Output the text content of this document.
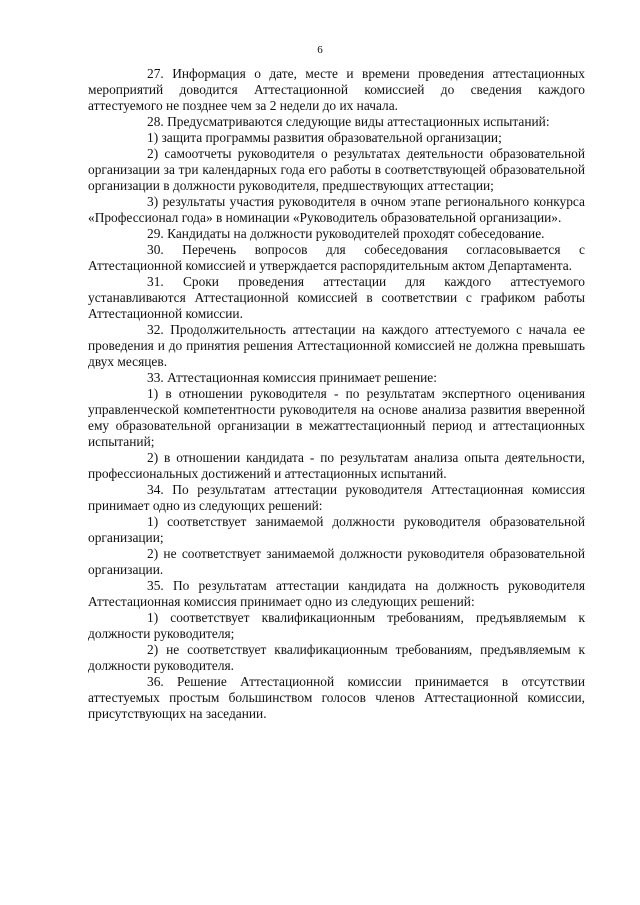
6

27. Информация о дате, месте и времени проведения аттестационных мероприятий доводится Аттестационной комиссией до сведения каждого аттестуемого не позднее чем за 2 недели до их начала.

28. Предусматриваются следующие виды аттестационных испытаний:

1) защита программы развития образовательной организации;

2) самоотчеты руководителя о результатах деятельности образовательной организации за три календарных года его работы в соответствующей образовательной организации в должности руководителя, предшествующих аттестации;

3) результаты участия руководителя в очном этапе регионального конкурса «Профессионал года» в номинации «Руководитель образовательной организации».

29. Кандидаты на должности руководителей проходят собеседование.

30. Перечень вопросов для собеседования согласовывается с Аттестационной комиссией и утверждается распорядительным актом Департамента.

31. Сроки проведения аттестации для каждого аттестуемого устанавливаются Аттестационной комиссией в соответствии с графиком работы Аттестационной комиссии.

32. Продолжительность аттестации на каждого аттестуемого с начала ее проведения и до принятия решения Аттестационной комиссией не должна превышать двух месяцев.

33. Аттестационная комиссия принимает решение:

1) в отношении руководителя - по результатам экспертного оценивания управленческой компетентности руководителя на основе анализа развития вверенной ему образовательной организации в межаттестационный период и аттестационных испытаний;

2) в отношении кандидата - по результатам анализа опыта деятельности, профессиональных достижений и аттестационных испытаний.

34. По результатам аттестации руководителя Аттестационная комиссия принимает одно из следующих решений:

1) соответствует занимаемой должности руководителя образовательной организации;

2) не соответствует занимаемой должности руководителя образовательной организации.

35. По результатам аттестации кандидата на должность руководителя Аттестационная комиссия принимает одно из следующих решений:

1) соответствует квалификационным требованиям, предъявляемым к должности руководителя;

2) не соответствует квалификационным требованиям, предъявляемым к должности руководителя.

36. Решение Аттестационной комиссии принимается в отсутствии аттестуемых простым большинством голосов членов Аттестационной комиссии, присутствующих на заседании.
